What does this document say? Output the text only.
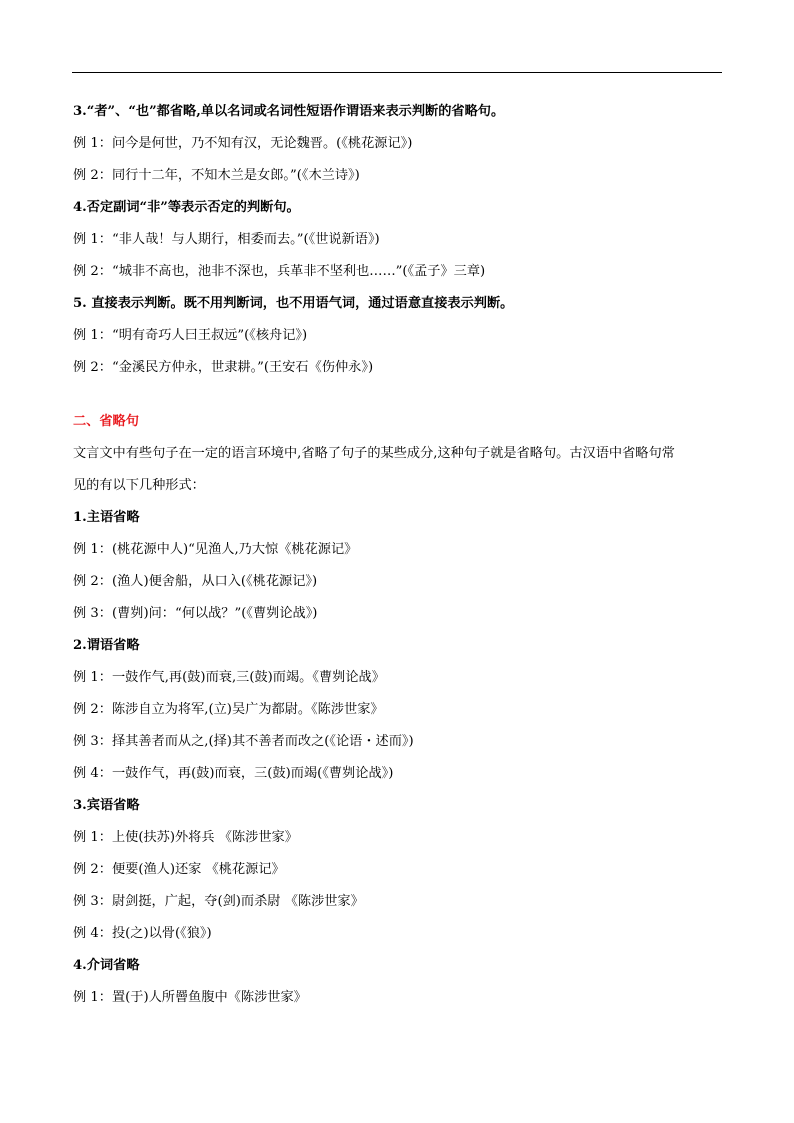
3.“者”、“也”都省略,单以名词或名词性短语作谓语来表示判断的省略句。
例 1：问今是何世，乃不知有汉，无论魏晋。(《桃花源记》)
例 2：同行十二年，不知木兰是女郎。”(《木兰诗》)
4.否定副词“非”等表示否定的判断句。
例 1：“非人哉！与人期行，相委而去。”(《世说新语》)
例 2：“城非不高也，池非不深也，兵革非不坚利也……”(《孟子》三章)
5. 直接表示判断。既不用判断词，也不用语气词，通过语意直接表示判断。
例 1：“明有奇巧人曰王叔远”(《核舟记》)
例 2：“金溪民方仲永，世隶耕。”(王安石《伤仲永》)
二、省略句
文言文中有些句子在一定的语言环境中,省略了句子的某些成分,这种句子就是省略句。古汉语中省略句常
见的有以下几种形式：
1.主语省略
例 1：(桃花源中人)“见渔人,乃大惊《桃花源记》
例 2：(渔人)便舍船，从口入(《桃花源记》)
例 3：(曹刿)问：“何以战？”(《曹刿论战》)
2.谓语省略
例 1：一鼓作气,再(鼓)而衰,三(鼓)而竭。《曹刿论战》
例 2：陈涉自立为将军,(立)吴广为都尉。《陈涉世家》
例 3：择其善者而从之,(择)其不善者而改之(《论语・述而》)
例 4：一鼓作气，再(鼓)而衰，三(鼓)而竭(《曹刿论战》)
3.宾语省略
例 1：上使(扶苏)外将兵 《陈涉世家》
例 2：便要(渔人)还家 《桃花源记》
例 3：尉剑挺，广起，夺(剑)而杀尉 《陈涉世家》
例 4：投(之)以骨(《狼》)
4.介词省略
例 1：置(于)人所罾鱼腹中《陈涉世家》
